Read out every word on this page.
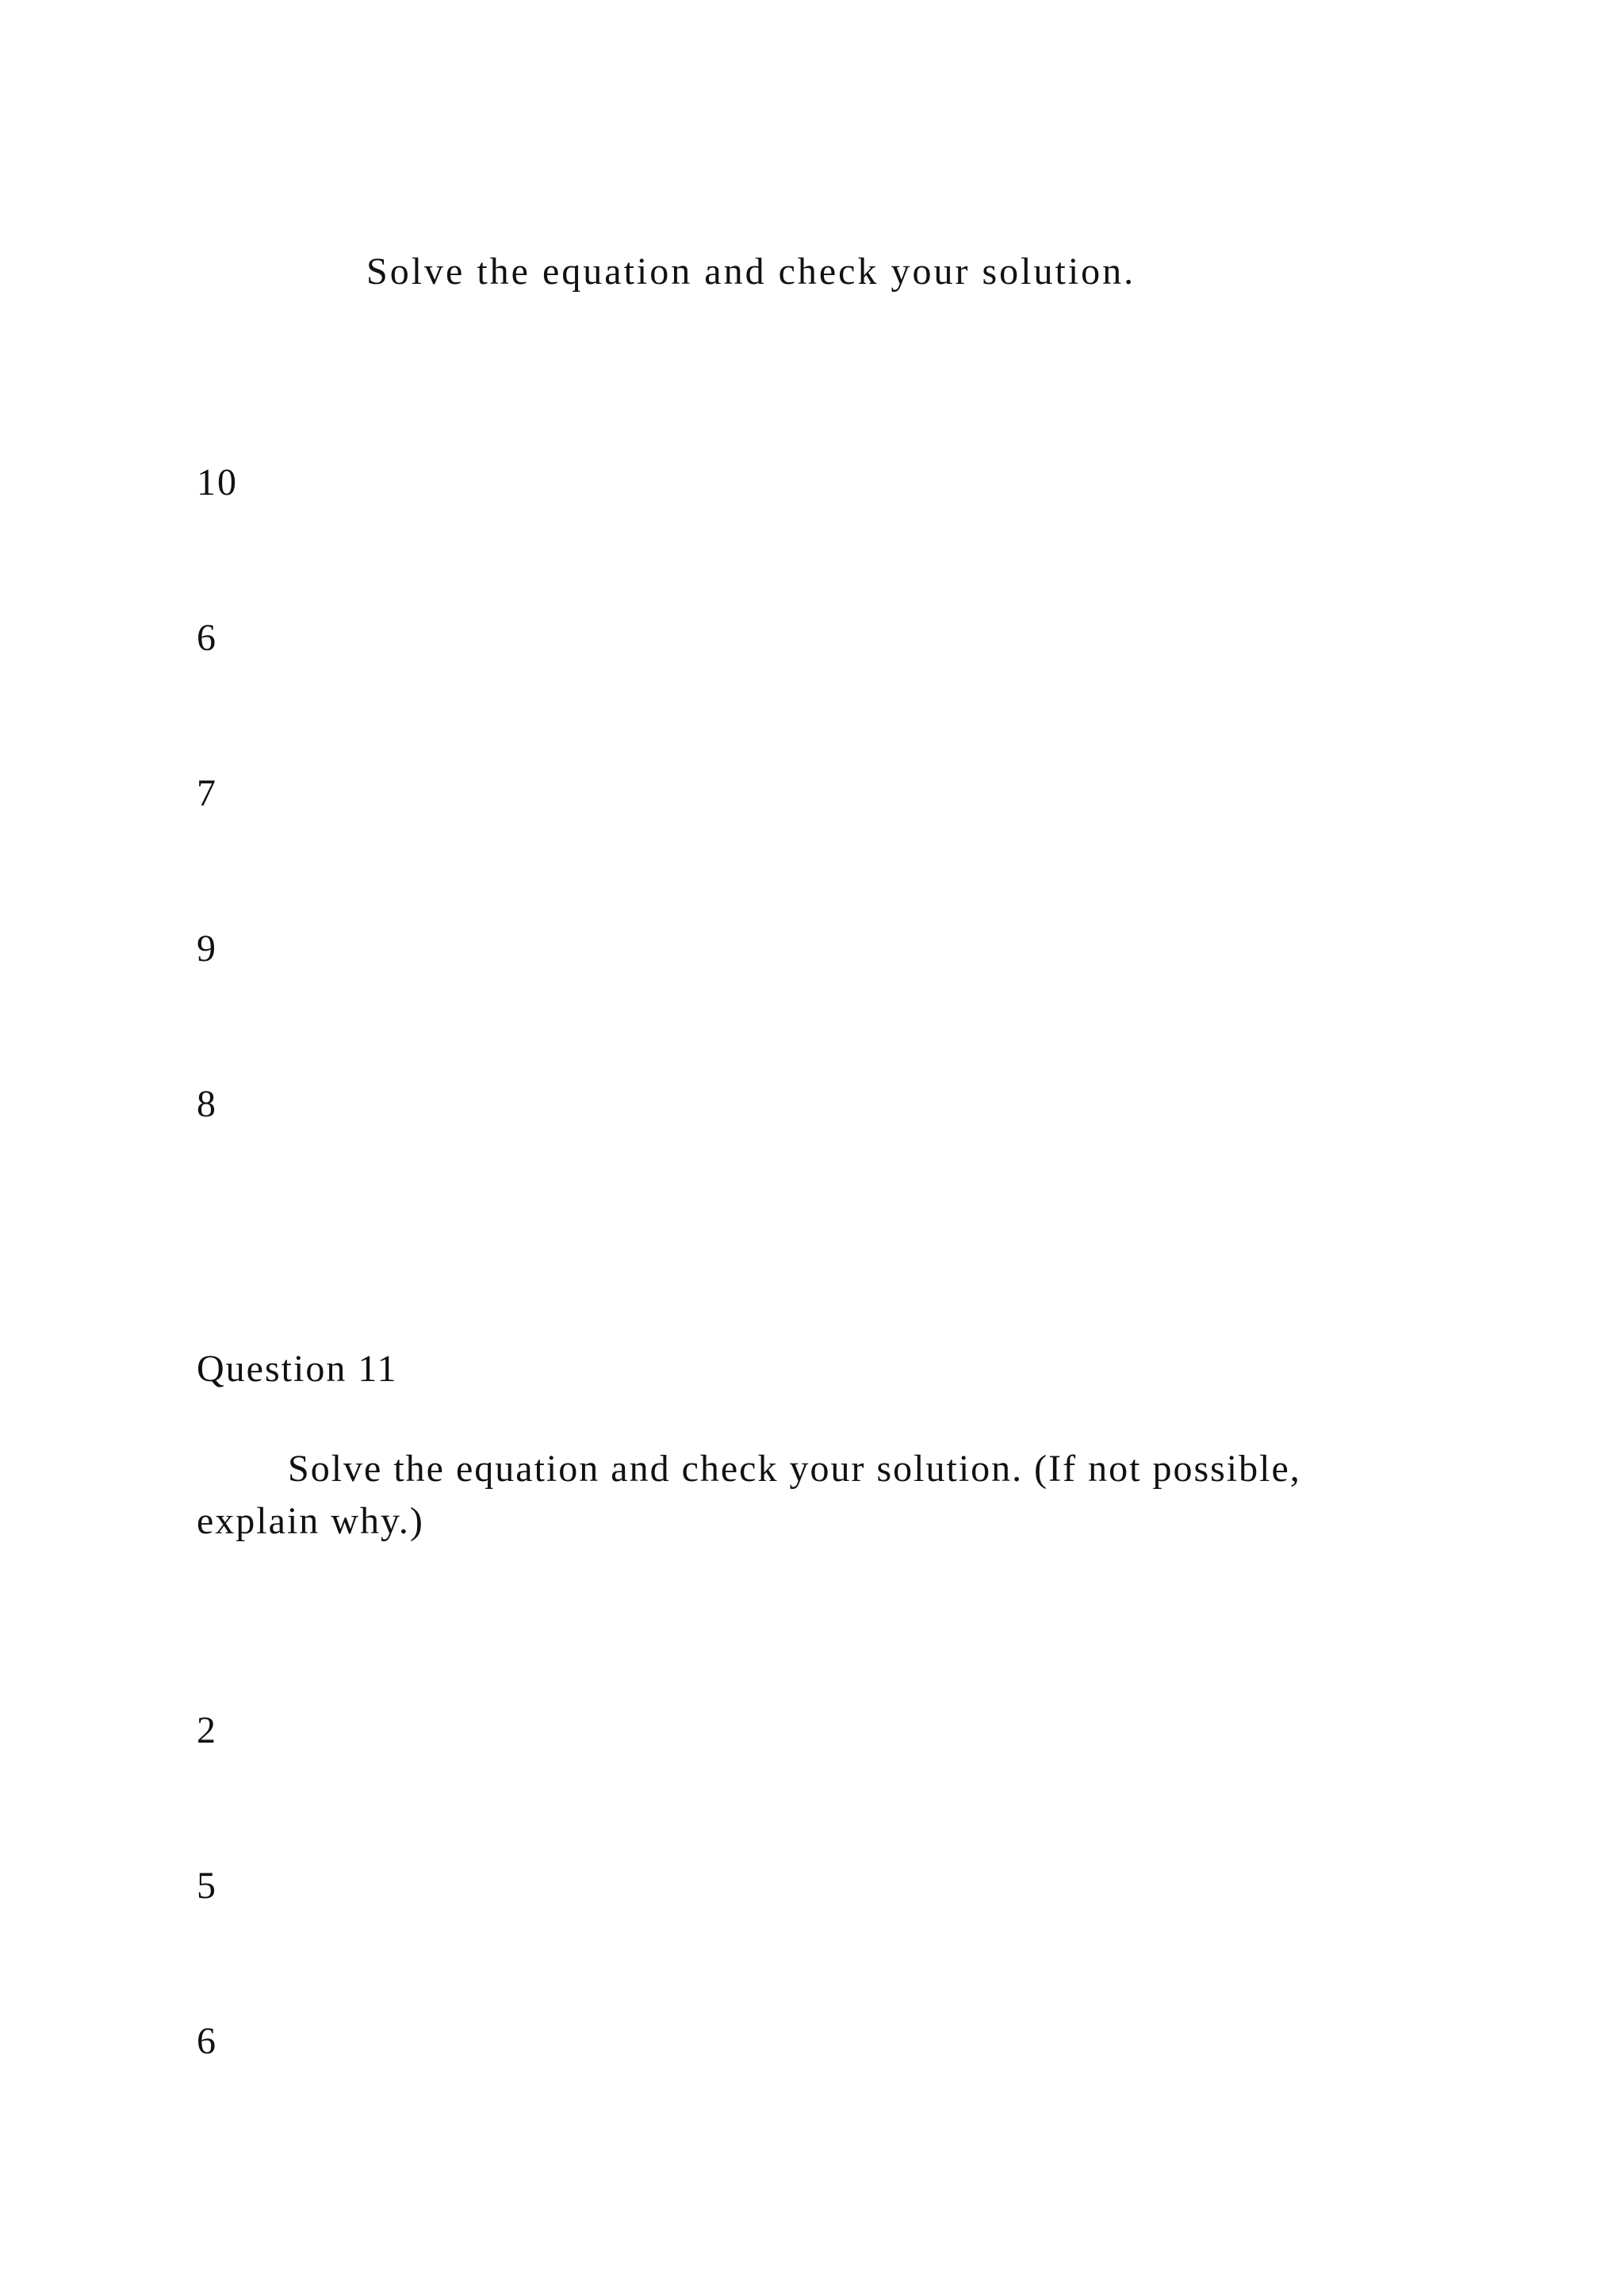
Solve the equation and check your solution.

10

6

7

9

8

Question 11

Solve the equation and check your solution. (If not possible, explain why.)

2

5

6
